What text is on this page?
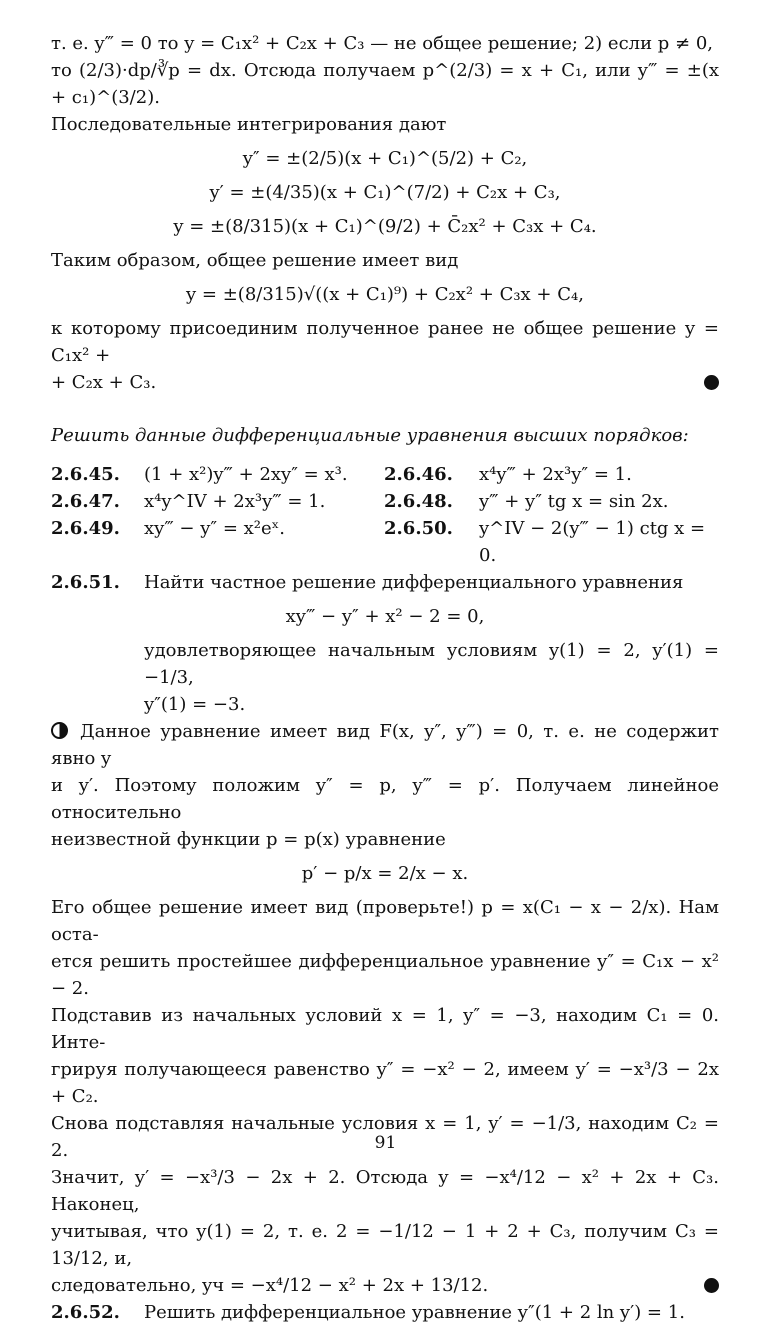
т. е. y‴ = 0 то y = C₁x² + C₂x + C₃ — не общее решение; 2) если p ≠ 0,

то (2/3)·dp/∛p = dx. Отсюда получаем p^(2/3) = x + C₁, или y‴ = ±(x + c₁)^(3/2).

Последовательные интегрирования дают

y″ = ±(2/5)(x + C₁)^(5/2) + C₂,
y′ = ±(4/35)(x + C₁)^(7/2) + C₂x + C₃,
y = ±(8/315)(x + C₁)^(9/2) + C̄₂x² + C₃x + C₄.

Таким образом, общее решение имеет вид

y = ±(8/315)√((x + C₁)⁹) + C₂x² + C₃x + C₄,

к которому присоединим полученное ранее не общее решение y = C₁x² +

+ C₂x + C₃.

Решить данные дифференциальные уравнения высших порядков:

2.6.45.	(1 + x²)y‴ + 2xy″ = x³.	2.6.46.	x⁴y‴ + 2x³y″ = 1.
2.6.47.	x⁴y^IV + 2x³y‴ = 1.	2.6.48.	y‴ + y″ tg x = sin 2x.
2.6.49.	xy‴ − y″ = x²eˣ.	2.6.50.	y^IV − 2(y‴ − 1) ctg x = 0.
2.6.51.	Найти частное решение дифференциального уравнения
xy‴ − y″ + x² − 2 = 0,

удовлетворяющее начальным условиям y(1) = 2, y′(1) = −1/3,

y″(1) = −3.

Данное уравнение имеет вид F(x, y″, y‴) = 0, т. е. не содержит явно y

и y′. Поэтому положим y″ = p, y‴ = p′. Получаем линейное относительно

неизвестной функции p = p(x) уравнение

p′ − p/x = 2/x − x.

Его общее решение имеет вид (проверьте!) p = x(C₁ − x − 2/x). Нам оста-

ется решить простейшее дифференциальное уравнение y″ = C₁x − x² − 2.

Подставив из начальных условий x = 1, y″ = −3, находим C₁ = 0. Инте-

грируя получающееся равенство y″ = −x² − 2, имеем y′ = −x³/3 − 2x + C₂.

Снова подставляя начальные условия x = 1, y′ = −1/3, находим C₂ = 2.

Значит, y′ = −x³/3 − 2x + 2. Отсюда y = −x⁴/12 − x² + 2x + C₃. Наконец,

учитывая, что y(1) = 2, т. е. 2 = −1/12 − 1 + 2 + C₃, получим C₃ = 13/12, и,

следовательно, yч = −x⁴/12 − x² + 2x + 13/12.

2.6.52.	Решить дифференциальное уравнение y″(1 + 2 ln y′) = 1.
91
